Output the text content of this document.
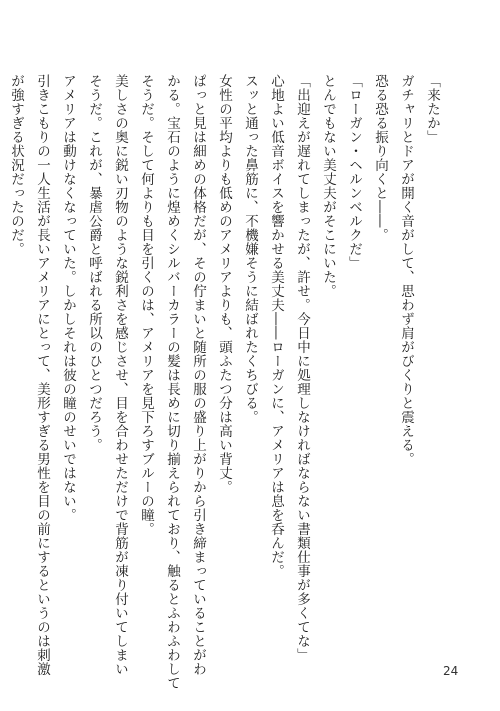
「来たか」
ガチャリとドアが開く音がして、思わず肩がびくりと震える。
恐る恐る振り向くと――。
「ローガン・ヘルンベルクだ」
とんでもない美丈夫がそこにいた。
「出迎えが遅れてしまったが、許せ。今日中に処理しなければならない書類仕事が多くてな」
心地よい低音ボイスを響かせる美丈夫――ローガンに、アメリアは息を呑んだ。
スッと通った鼻筋に、不機嫌そうに結ばれたくちびる。
女性の平均よりも低めのアメリアよりも、頭ふたつ分は高い背丈。
ぱっと見は細めの体格だが、その佇まいと随所の服の盛り上がりから引き締まっていることがわ
かる。宝石のように煌めくシルバーカラーの髪は長めに切り揃えられており、触るとふわふわして
そうだ。そして何よりも目を引くのは、アメリアを見下ろすブルーの瞳。
美しさの奥に鋭い刃物のような鋭利さを感じさせ、目を合わせただけで背筋が凍り付いてしまい
そうだ。これが、暴虐公爵と呼ばれる所以のひとつだろう。
アメリアは動けなくなっていた。しかしそれは彼の瞳のせいではない。
引きこもりの一人生活が長いアメリアにとって、美形すぎる男性を目の前にするというのは刺激
が強すぎる状況だったのだ。
24
